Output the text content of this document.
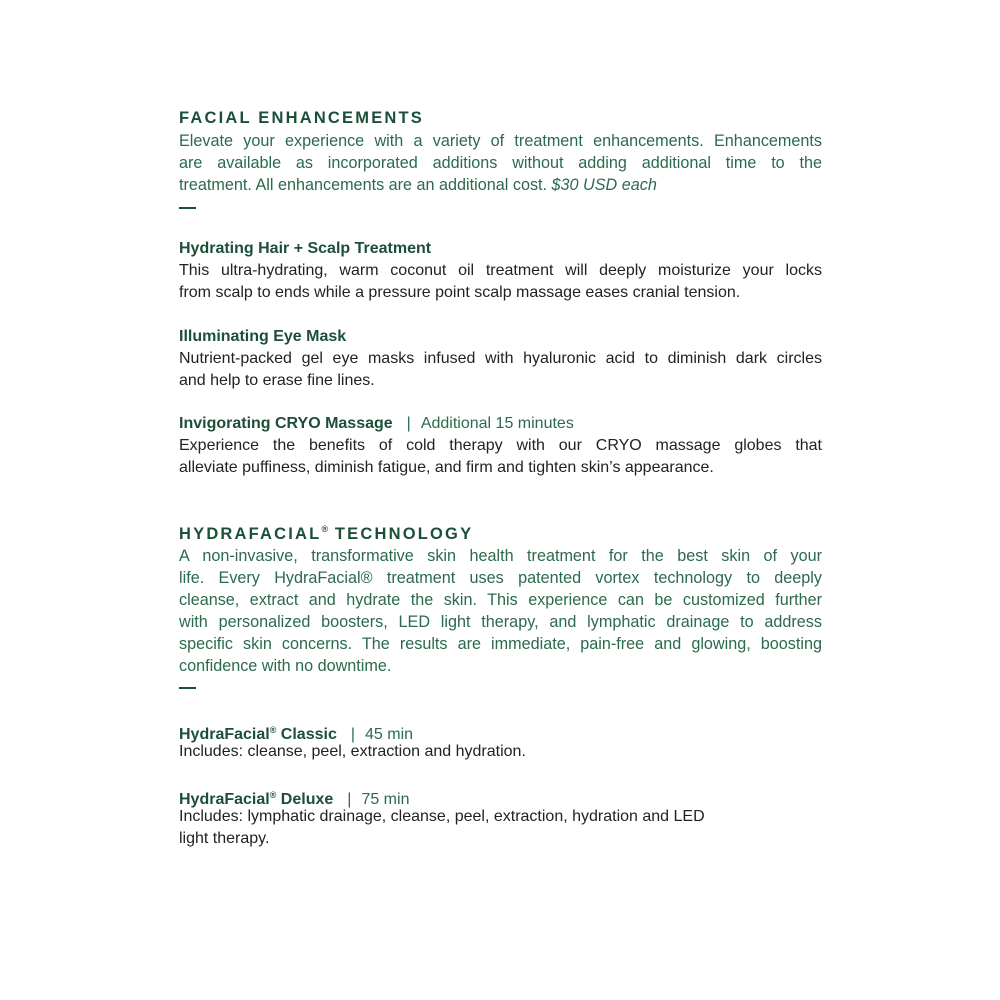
FACIAL ENHANCEMENTS
Elevate your experience with a variety of treatment enhancements. Enhancements
are available as incorporated additions without adding additional time to the
treatment. All enhancements are an additional cost. $30 USD each
Hydrating Hair + Scalp Treatment
This ultra-hydrating, warm coconut oil treatment will deeply moisturize your locks
from scalp to ends while a pressure point scalp massage eases cranial tension.
Illuminating Eye Mask
Nutrient-packed gel eye masks infused with hyaluronic acid to diminish dark circles
and help to erase fine lines.
Invigorating CRYO Massage | Additional 15 minutes
Experience the benefits of cold therapy with our CRYO massage globes that
alleviate puffiness, diminish fatigue, and firm and tighten skin’s appearance.
HYDRAFACIAL® TECHNOLOGY
A non-invasive, transformative skin health treatment for the best skin of your
life. Every HydraFacial® treatment uses patented vortex technology to deeply
cleanse, extract and hydrate the skin. This experience can be customized further
with personalized boosters, LED light therapy, and lymphatic drainage to address
specific skin concerns. The results are immediate, pain-free and glowing, boosting
confidence with no downtime.
HydraFacial® Classic | 45 min
Includes: cleanse, peel, extraction and hydration.
HydraFacial® Deluxe | 75 min
Includes: lymphatic drainage, cleanse, peel, extraction, hydration and LED
light therapy.
